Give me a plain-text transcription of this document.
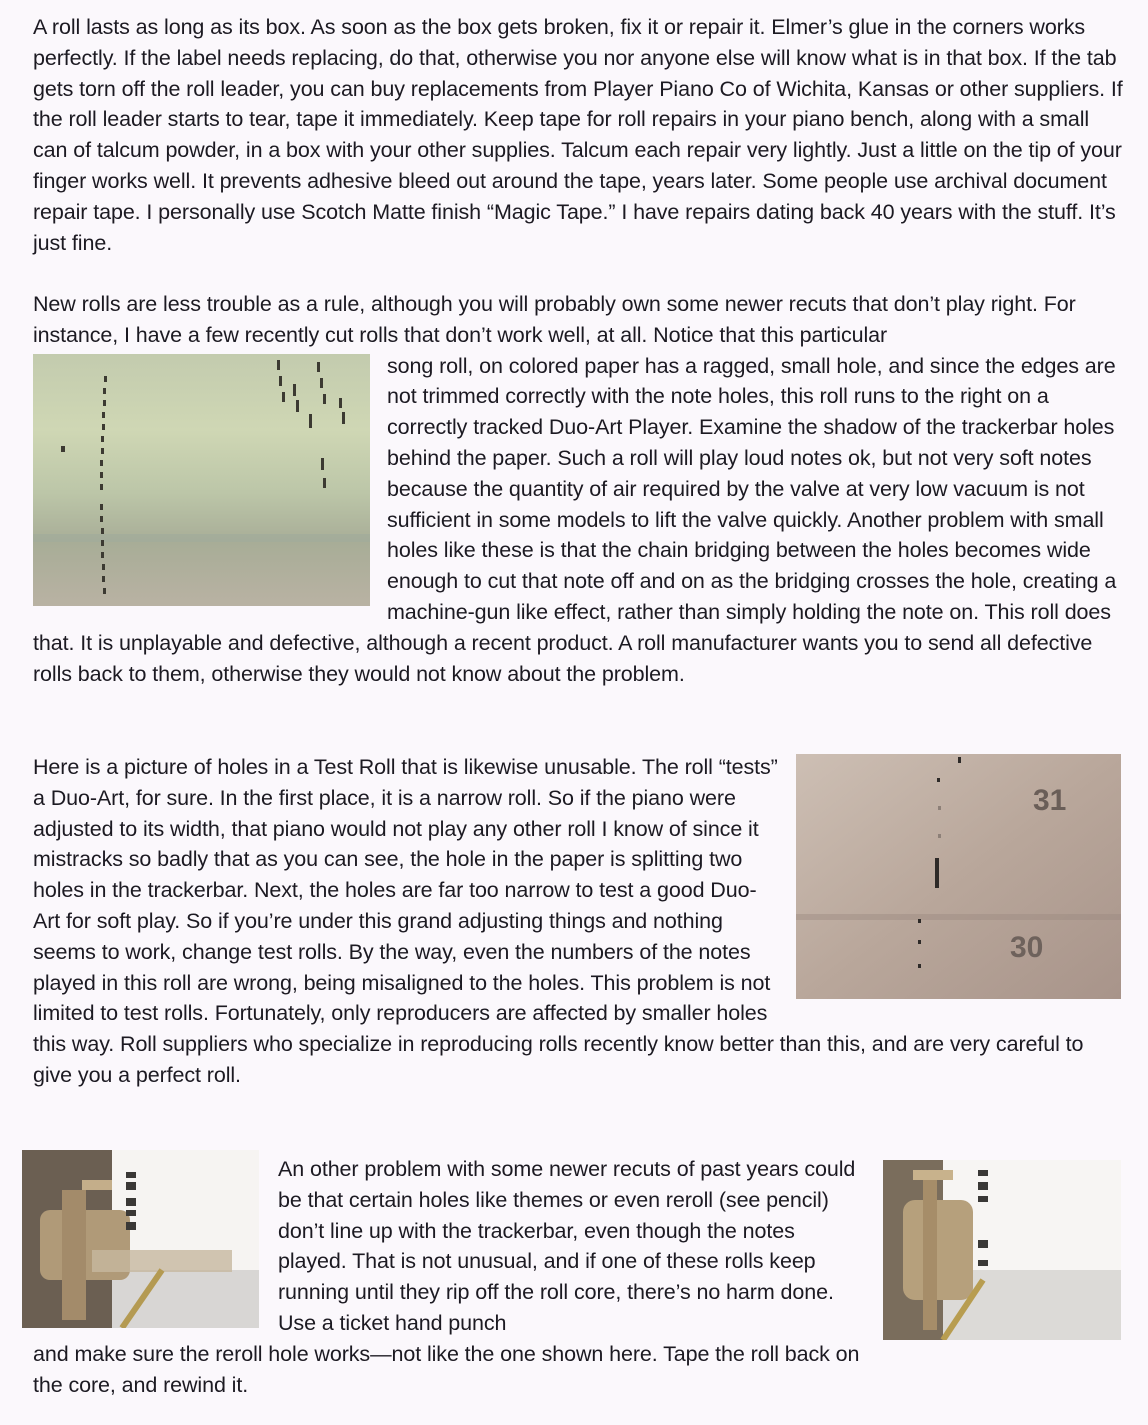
A roll lasts as long as its box. As soon as the box gets broken, fix it or repair it. Elmer’s glue in the corners works perfectly. If the label needs replacing, do that, otherwise you nor anyone else will know what is in that box. If the tab gets torn off the roll leader, you can buy replacements from Player Piano Co of Wichita, Kansas or other suppliers. If the roll leader starts to tear, tape it immediately. Keep tape for roll repairs in your piano bench, along with a small can of talcum powder, in a box with your other supplies. Talcum each repair very lightly. Just a little on the tip of your finger works well. It prevents adhesive bleed out around the tape, years later. Some people use archival document repair tape. I personally use Scotch Matte finish “Magic Tape.” I have repairs dating back 40 years with the stuff. It’s just fine.

New rolls are less trouble as a rule, although you will probably own some newer recuts that don’t play right. For instance, I have a few recently cut rolls that don’t work well, at all. Notice that this particular

song roll, on colored paper has a ragged, small hole, and since the edges are not trimmed correctly with the note holes, this roll runs to the right on a correctly tracked Duo-Art Player. Examine the shadow of the trackerbar holes behind the paper. Such a roll will play loud notes ok, but not very soft notes because the quantity of air required by the valve at very low vacuum is not sufficient in some models to lift the valve quickly. Another problem with small holes like these is that the chain bridging between the holes becomes wide enough to cut that note off and on as the bridging crosses the hole, creating a machine-gun like effect, rather than simply holding the note on. This roll does that. It is unplayable and defective, although a recent product. A roll manufacturer wants you to send all defective rolls back to them, otherwise they would not know about the problem.

31
30

Here is a picture of holes in a Test Roll that is likewise unusable. The roll “tests” a Duo-Art, for sure. In the first place, it is a narrow roll. So if the piano were adjusted to its width, that piano would not play any other roll I know of since it mistracks so badly that as you can see, the hole in the paper is splitting two holes in the trackerbar. Next, the holes are far too narrow to test a good Duo-Art for soft play. So if you’re under this grand adjusting things and nothing seems to work, change test rolls. By the way, even the numbers of the notes played in this roll are wrong, being misaligned to the holes. This problem is not limited to test rolls. Fortunately, only reproducers are affected by smaller holes this way. Roll suppliers who specialize in reproducing rolls recently know better than this, and are very careful to give you a perfect roll.

An other problem with some newer recuts of past years could be that certain holes like themes or even reroll (see pencil) don’t line up with the trackerbar, even though the notes played. That is not unusual, and if one of these rolls keep running until they rip off the roll core, there’s no harm done. Use a ticket hand punch

and make sure the reroll hole works—not like the one shown here. Tape the roll back on the core, and rewind it.
